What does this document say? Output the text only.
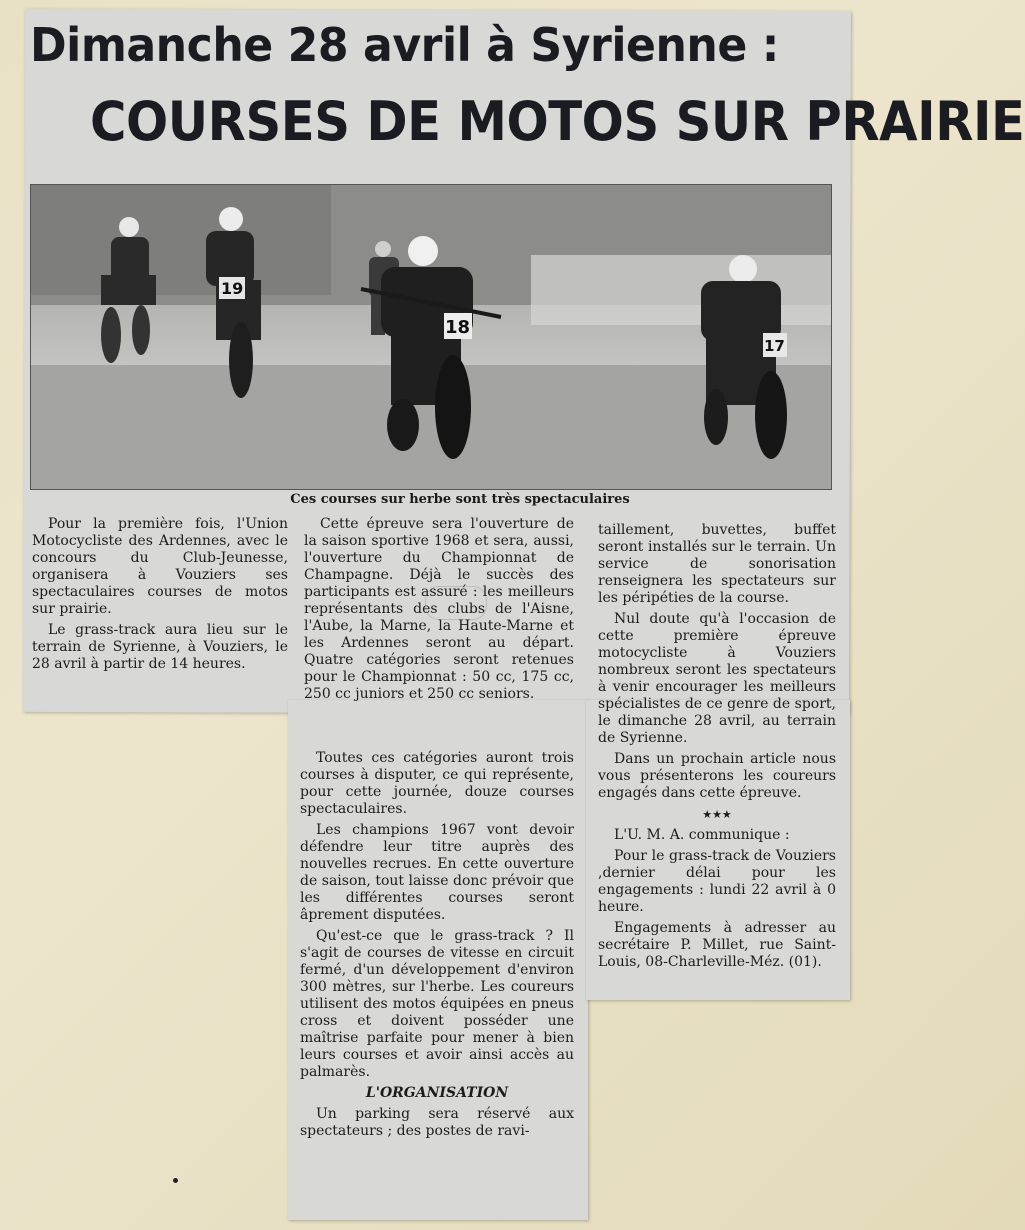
Dimanche 28 avril à Syrienne :
COURSES DE MOTOS SUR PRAIRIE
19
18
17
Ces courses sur herbe sont très spectaculaires

Pour la première fois, l'Union Motocycliste des Ardennes, avec le concours du Club-Jeunesse, organisera à Vouziers ses spectaculaires courses de motos sur prairie.

Le grass-track aura lieu sur le terrain de Syrienne, à Vouziers, le 28 avril à partir de 14 heures.

Cette épreuve sera l'ouverture de la saison sportive 1968 et sera, aussi, l'ouverture du Championnat de Champagne. Déjà le succès des participants est assuré : les meilleurs représentants des clubs de l'Aisne, l'Aube, la Marne, la Haute-Marne et les Ardennes seront au départ. Quatre catégories seront retenues pour le Championnat : 50 cc, 175 cc, 250 cc juniors et 250 cc seniors.

Toutes ces catégories auront trois courses à disputer, ce qui représente, pour cette journée, douze courses spectaculaires.

Les champions 1967 vont devoir défendre leur titre auprès des nouvelles recrues. En cette ouverture de saison, tout laisse donc prévoir que les différentes courses seront âprement disputées.

Qu'est-ce que le grass-track ? Il s'agit de courses de vitesse en circuit fermé, d'un développement d'environ 300 mètres, sur l'herbe. Les coureurs utilisent des motos équipées en pneus cross et doivent posséder une maîtrise parfaite pour mener à bien leurs courses et avoir ainsi accès au palmarès.

L'ORGANISATION

Un parking sera réservé aux spectateurs ; des postes de ravi-

taillement, buvettes, buffet seront installés sur le terrain. Un service de sonorisation renseignera les spectateurs sur les péripéties de la course.

Nul doute qu'à l'occasion de cette première épreuve motocycliste à Vouziers nombreux seront les spectateurs à venir encourager les meilleurs spécialistes de ce genre de sport, le dimanche 28 avril, au terrain de Syrienne.

Dans un prochain article nous vous présenterons les coureurs engagés dans cette épreuve.

★★★

L'U. M. A. communique :

Pour le grass-track de Vouziers ,dernier délai pour les engagements : lundi 22 avril à 0 heure.

Engagements à adresser au secrétaire P. Millet, rue Saint-Louis, 08-Charleville-Méz. (01).
